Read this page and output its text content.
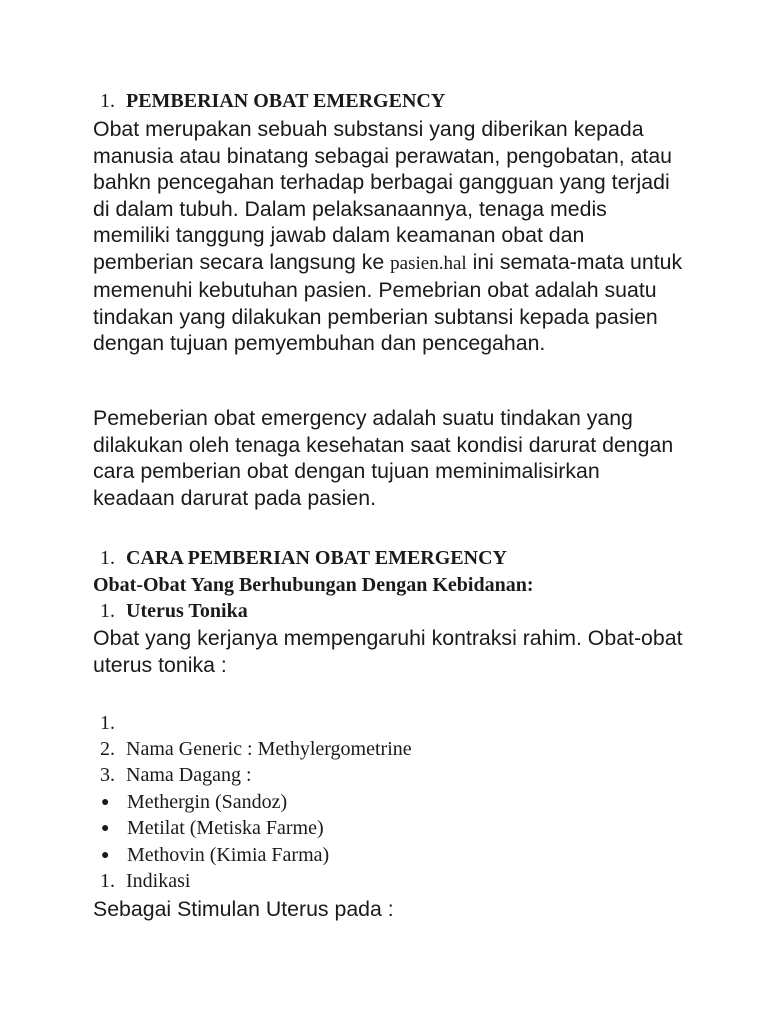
1. PEMBERIAN OBAT EMERGENCY

Obat merupakan sebuah substansi yang diberikan kepada manusia atau binatang sebagai perawatan, pengobatan, atau bahkn pencegahan terhadap berbagai gangguan yang terjadi di dalam tubuh. Dalam pelaksanaannya, tenaga medis memiliki tanggung jawab dalam keamanan obat dan pemberian secara langsung ke pasien.hal ini semata-mata untuk memenuhi kebutuhan pasien. Pemebrian obat adalah suatu tindakan yang dilakukan pemberian subtansi kepada pasien dengan tujuan pemyembuhan dan pencegahan.

Pemeberian obat emergency adalah suatu tindakan yang dilakukan oleh tenaga kesehatan saat kondisi darurat dengan cara pemberian obat dengan tujuan meminimalisirkan keadaan darurat pada pasien.

1. CARA PEMBERIAN OBAT EMERGENCY
Obat-Obat Yang Berhubungan Dengan Kebidanan:
1. Uterus Tonika

Obat yang kerjanya mempengaruhi kontraksi rahim. Obat-obat uterus tonika :

1.
2. Nama Generic : Methylergometrine
3. Nama Dagang :
● Methergin (Sandoz)
● Metilat (Metiska Farme)
● Methovin (Kimia Farma)
1. Indikasi

Sebagai Stimulan Uterus pada :
